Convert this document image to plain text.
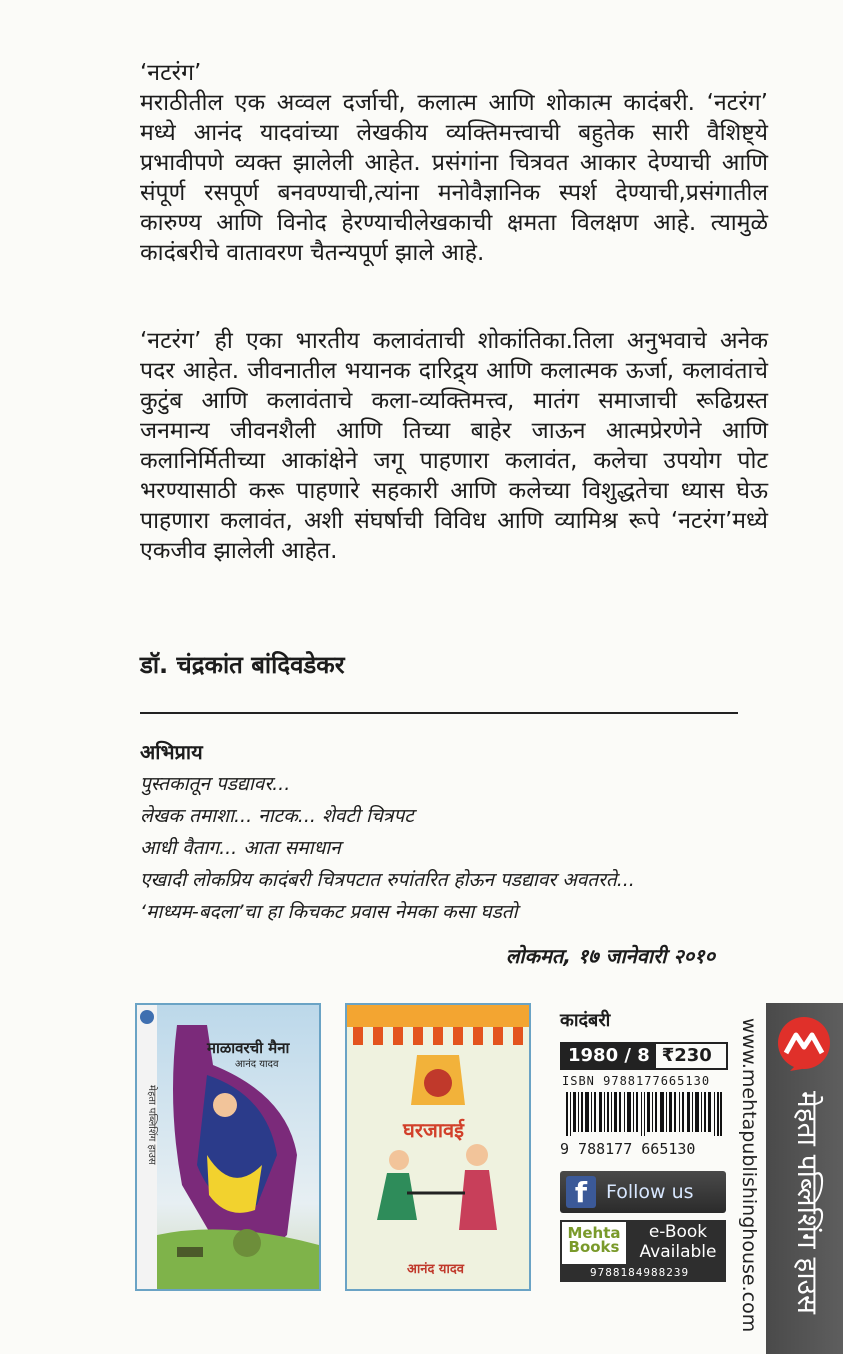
‘नटरंग’

मराठीतील एक अव्वल दर्जाची, कलात्म आणि शोकात्म कादंबरी. ‘नटरंग’ मध्ये आनंद यादवांच्या लेखकीय व्यक्तिमत्त्वाची बहुतेक सारी वैशिष्ट्ये प्रभावीपणे व्यक्त झालेली आहेत. प्रसंगांना चित्रवत आकार देण्याची आणि संपूर्ण रसपूर्ण बनवण्याची,त्यांना मनोवैज्ञानिक स्पर्श देण्याची,प्रसंगातील कारुण्य आणि विनोद हेरण्याचीलेखकाची क्षमता विलक्षण आहे. त्यामुळे कादंबरीचे वातावरण चैतन्यपूर्ण झाले आहे.

‘नटरंग’ ही एका भारतीय कलावंताची शोकांतिका.तिला अनुभवाचे अनेक पदर आहेत. जीवनातील भयानक दारिद्र्य आणि कलात्मक ऊर्जा, कलावंताचे कुटुंब आणि कलावंताचे कला-व्यक्तिमत्त्व, मातंग समाजाची रूढिग्रस्त जनमान्य जीवनशैली आणि तिच्या बाहेर जाऊन आत्मप्रेरणेने आणि कलानिर्मितीच्या आकांक्षेने जगू पाहणारा कलावंत, कलेचा उपयोग पोट भरण्यासाठी करू पाहणारे सहकारी आणि कलेच्या विशुद्धतेचा ध्यास घेऊ पाहणारा कलावंत, अशी संघर्षाची विविध आणि व्यामिश्र रूपे ‘नटरंग’मध्ये एकजीव झालेली आहेत.

डॉ. चंद्रकांत बांदिवडेकर
अभिप्राय
पुस्तकातून पडद्यावर...
लेखक तमाशा... नाटक... शेवटी चित्रपट
आधी वैताग... आता समाधान
एखादी लोकप्रिय कादंबरी चित्रपटात रुपांतरित होऊन पडद्यावर अवतरते...
‘माध्यम-बदला’चा हा किचकट प्रवास नेमका कसा घडतो
लोकमत, १७ जानेवारी २०१०
मेहता पब्लिशिंग हाउस
माळावरची मैना
आनंद यादव
घरजावई
आनंद यादव
कादंबरी
1980 / 8 ₹230
ISBN 9788177665130
9 788177 665130
f Follow us
Mehta
Books
e-Book
Available
9788184988239	www.mehtapublishinghouse.com मेहता पब्लिशिंग हाउस
